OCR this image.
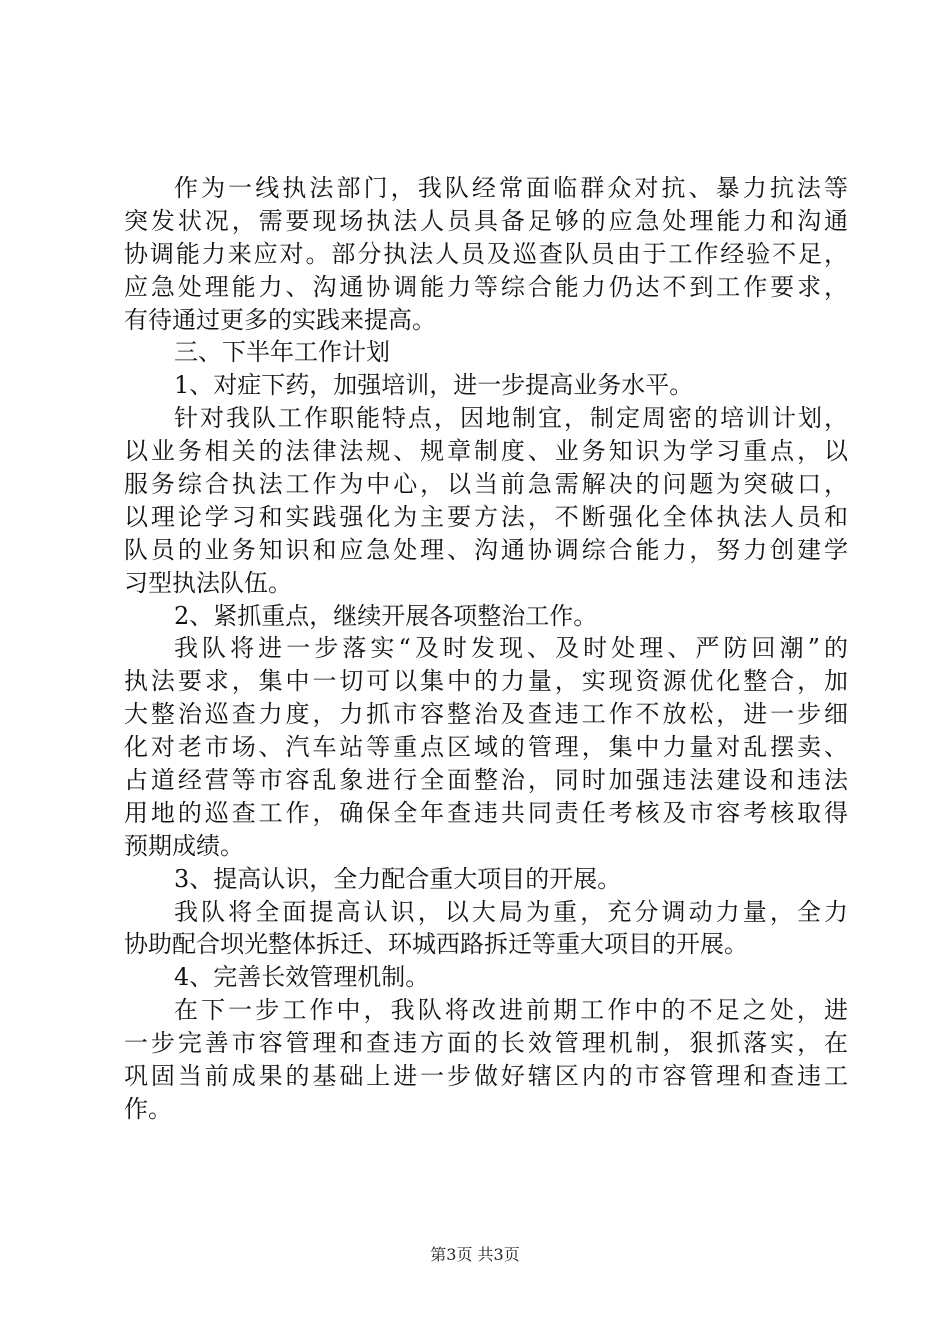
作为一线执法部门，我队经常面临群众对抗、暴力抗法等
突发状况，需要现场执法人员具备足够的应急处理能力和沟通
协调能力来应对。部分执法人员及巡查队员由于工作经验不足，
应急处理能力、沟通协调能力等综合能力仍达不到工作要求，
有待通过更多的实践来提高。
三、下半年工作计划
1、对症下药，加强培训，进一步提高业务水平。
针对我队工作职能特点，因地制宜，制定周密的培训计划，
以业务相关的法律法规、规章制度、业务知识为学习重点，以
服务综合执法工作为中心，以当前急需解决的问题为突破口，
以理论学习和实践强化为主要方法，不断强化全体执法人员和
队员的业务知识和应急处理、沟通协调综合能力，努力创建学
习型执法队伍。
2、紧抓重点，继续开展各项整治工作。
我队将进一步落实“及时发现、及时处理、严防回潮”的
执法要求，集中一切可以集中的力量，实现资源优化整合，加
大整治巡查力度，力抓市容整治及查违工作不放松，进一步细
化对老市场、汽车站等重点区域的管理，集中力量对乱摆卖、
占道经营等市容乱象进行全面整治，同时加强违法建设和违法
用地的巡查工作，确保全年查违共同责任考核及市容考核取得
预期成绩。
3、提高认识，全力配合重大项目的开展。
我队将全面提高认识，以大局为重，充分调动力量，全力
协助配合坝光整体拆迁、环城西路拆迁等重大项目的开展。
4、完善长效管理机制。
在下一步工作中，我队将改进前期工作中的不足之处，进
一步完善市容管理和查违方面的长效管理机制，狠抓落实，在
巩固当前成果的基础上进一步做好辖区内的市容管理和查违工
作。
第3页 共3页
